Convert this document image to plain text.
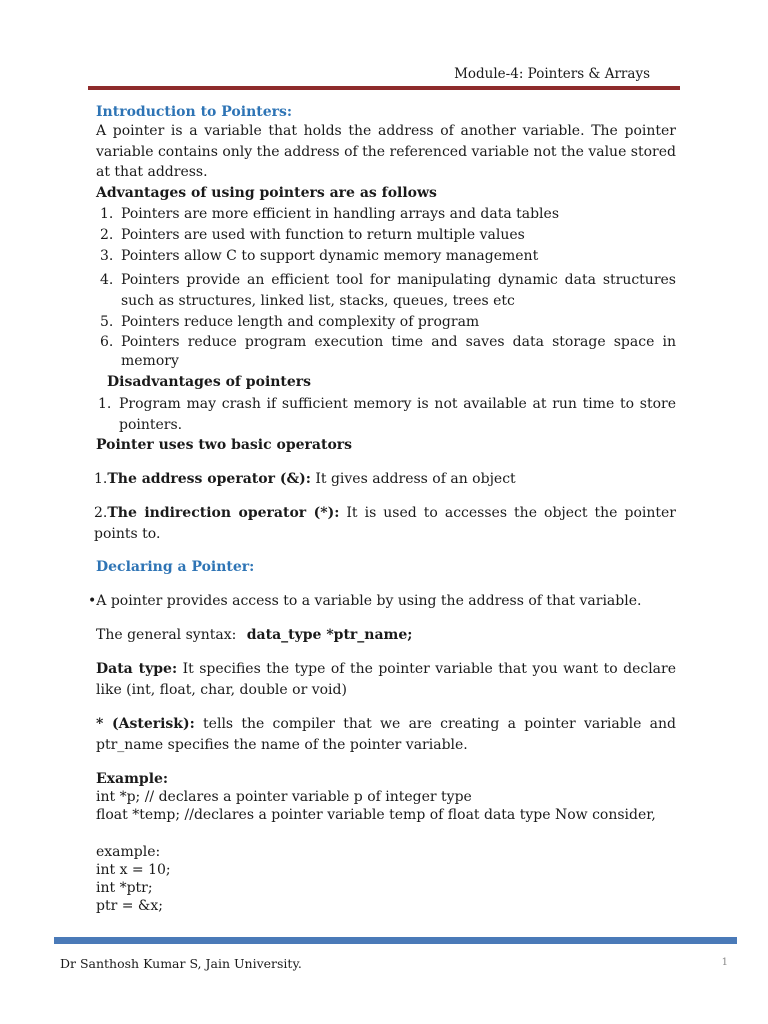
Module-4: Pointers & Arrays
Introduction to Pointers:
A pointer is a variable that holds the address of another variable. The pointer variable contains only the address of the referenced variable not the value stored at that address.
Advantages of using pointers are as follows
1. Pointers are more efficient in handling arrays and data tables
2. Pointers are used with function to return multiple values
3. Pointers allow C to support dynamic memory management
4. Pointers provide an efficient tool for manipulating dynamic data structures such as structures, linked list, stacks, queues, trees etc
5. Pointers reduce length and complexity of program
6. Pointers reduce program execution time and saves data storage space in memory
Disadvantages of pointers
1. Program may crash if sufficient memory is not available at run time to store pointers.
Pointer uses two basic operators
1.The address operator (&): It gives address of an object
2.The indirection operator (*): It is used to accesses the object the pointer points to.
Declaring a Pointer:
•A pointer provides access to a variable by using the address of that variable.
The general syntax: data_type *ptr_name;
Data type: It specifies the type of the pointer variable that you want to declare like (int, float, char, double or void)
* (Asterisk): tells the compiler that we are creating a pointer variable and ptr_name specifies the name of the pointer variable.
Example:
int *p; // declares a pointer variable p of integer type
float *temp; //declares a pointer variable temp of float data type Now consider,
example:
int x = 10;
int *ptr;
ptr = &x;
Dr Santhosh Kumar S, Jain University.	1
